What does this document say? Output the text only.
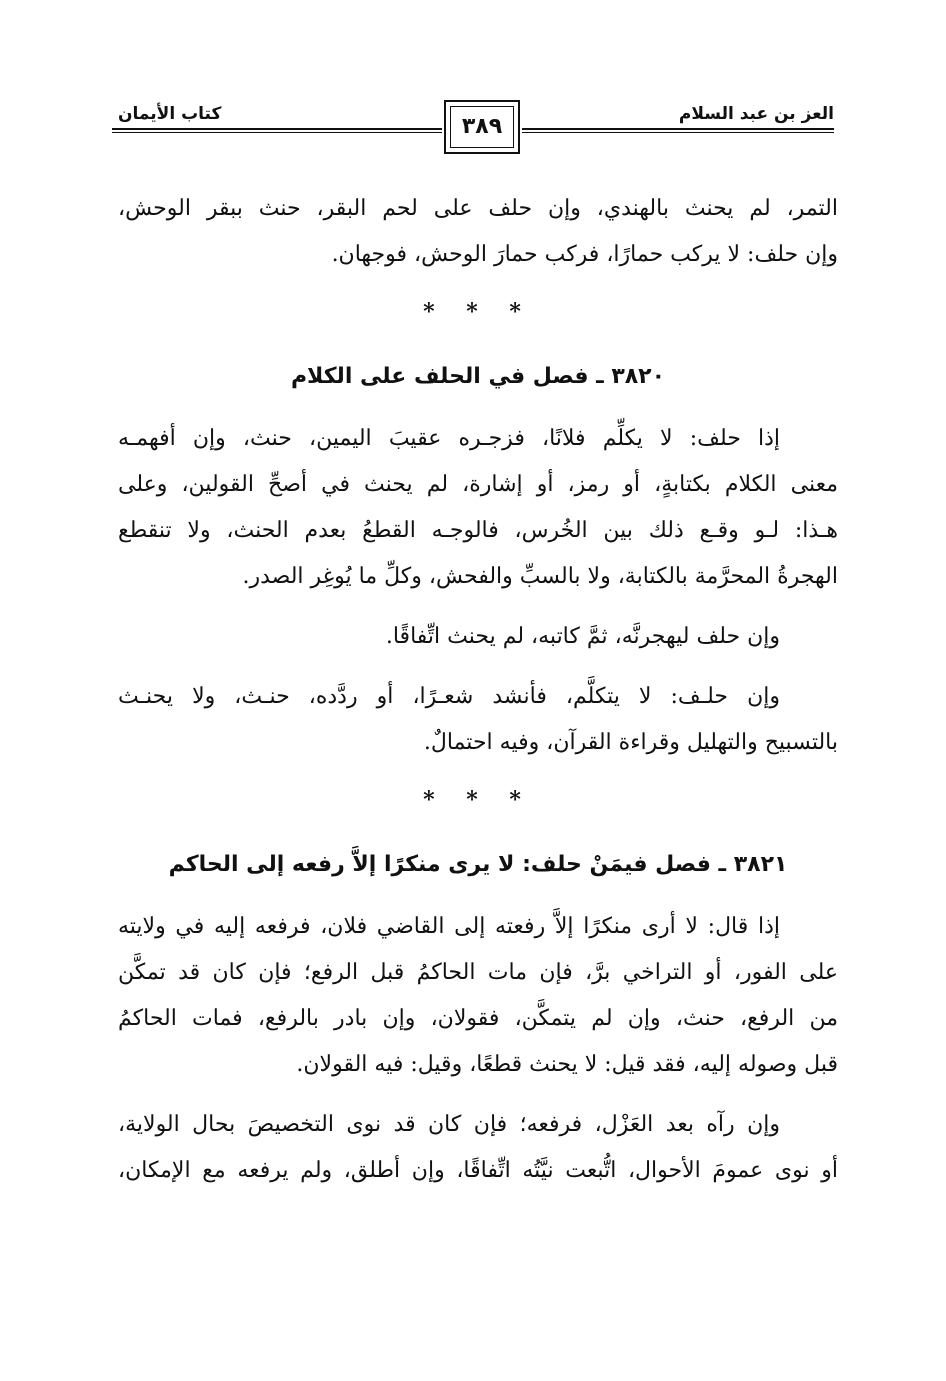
العز بن عبد السلام
كتاب الأيمان	٣٨٩
التمر، لم يحنث بالهندي، وإن حلف على لحم البقر، حنث ببقر الوحش،
وإن حلف: لا يركب حمارًا، فركب حمارَ الوحش، فوجهان.
* * *
٣٨٢٠ ـ فصل في الحلف على الكلام
إذا حلف: لا يكلِّم فلانًا، فزجـره عقيبَ اليمين، حنث، وإن أفهمـه
معنى الكلام بكتابةٍ، أو رمز، أو إشارة، لم يحنث في أصحِّ القولين، وعلى
هـذا: لـو وقـع ذلك بين الخُرس، فالوجـه القطعُ بعدم الحنث، ولا تنقطع
الهجرةُ المحرَّمة بالكتابة، ولا بالسبِّ والفحش، وكلِّ ما يُوغِر الصدر.
وإن حلف ليهجرنَّه، ثمَّ كاتبه، لم يحنث اتِّفاقًا.
وإن حلـف: لا يتكلَّم، فأنشد شعـرًا، أو ردَّده، حنـث، ولا يحنـث
بالتسبيح والتهليل وقراءة القرآن، وفيه احتمالٌ.
* * *
٣٨٢١ ـ فصل فيمَنْ حلف: لا يرى منكرًا إلاَّ رفعه إلى الحاكم
إذا قال: لا أرى منكرًا إلاَّ رفعته إلى القاضي فلان، فرفعه إليه في ولايته
على الفور، أو التراخي برَّ، فإن مات الحاكمُ قبل الرفع؛ فإن كان قد تمكَّن
من الرفع، حنث، وإن لم يتمكَّن، فقولان، وإن بادر بالرفع، فمات الحاكمُ
قبل وصوله إليه، فقد قيل: لا يحنث قطعًا، وقيل: فيه القولان.
وإن رآه بعد العَزْل، فرفعه؛ فإن كان قد نوى التخصيصَ بحال الولاية،
أو نوى عمومَ الأحوال، اتُّبعت نيَّتُه اتِّفاقًا، وإن أطلق، ولم يرفعه مع الإمكان،
